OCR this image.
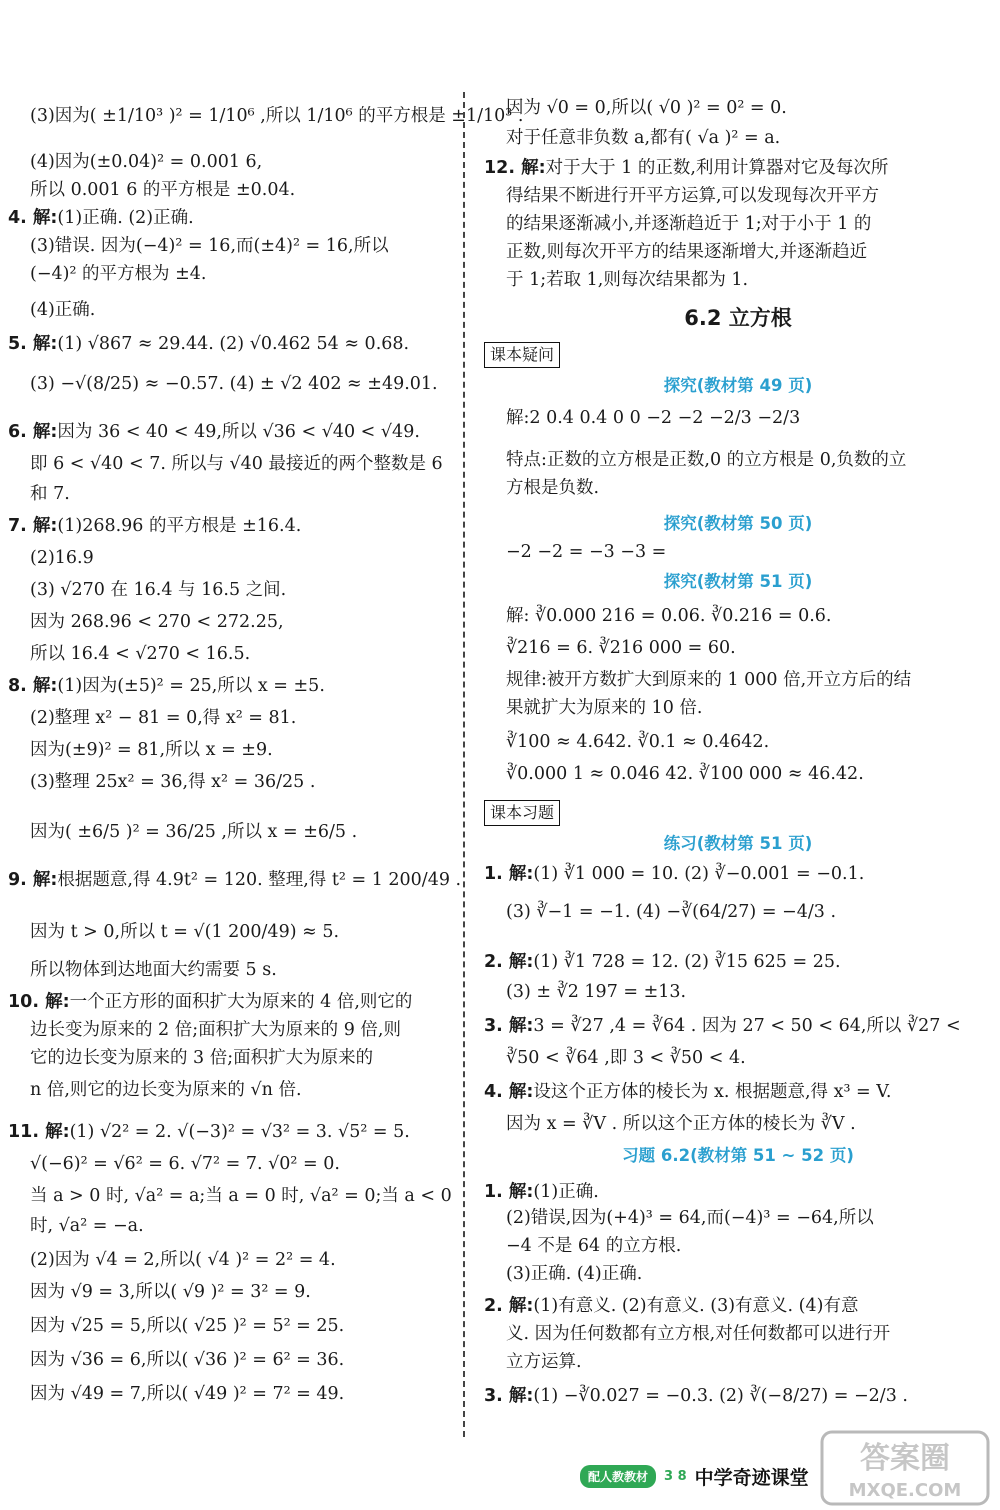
(3)因为( ±1/10³ )² = 1/10⁶ ,所以 1/10⁶ 的平方根是 ±1/10³ .
(4)因为(±0.04)² = 0.001 6,
所以 0.001 6 的平方根是 ±0.04.
4. 解:(1)正确. (2)正确.
(3)错误. 因为(−4)² = 16,而(±4)² = 16,所以
(−4)² 的平方根为 ±4.
(4)正确.
5. 解:(1) √867 ≈ 29.44. (2) √0.462 54 ≈ 0.68.
(3) −√(8/25) ≈ −0.57. (4) ± √2 402 ≈ ±49.01.
6. 解:因为 36 < 40 < 49,所以 √36 < √40 < √49.
即 6 < √40 < 7. 所以与 √40 最接近的两个整数是 6
和 7.
7. 解:(1)268.96 的平方根是 ±16.4.
(2)16.9
(3) √270 在 16.4 与 16.5 之间.
因为 268.96 < 270 < 272.25,
所以 16.4 < √270 < 16.5.
8. 解:(1)因为(±5)² = 25,所以 x = ±5.
(2)整理 x² − 81 = 0,得 x² = 81.
因为(±9)² = 81,所以 x = ±9.
(3)整理 25x² = 36,得 x² = 36/25 .
因为( ±6/5 )² = 36/25 ,所以 x = ±6/5 .
9. 解:根据题意,得 4.9t² = 120. 整理,得 t² = 1 200/49 .
因为 t > 0,所以 t = √(1 200/49) ≈ 5.
所以物体到达地面大约需要 5 s.
10. 解:一个正方形的面积扩大为原来的 4 倍,则它的
边长变为原来的 2 倍;面积扩大为原来的 9 倍,则
它的边长变为原来的 3 倍;面积扩大为原来的
n 倍,则它的边长变为原来的 √n 倍.
11. 解:(1) √2² = 2. √(−3)² = √3² = 3. √5² = 5.
√(−6)² = √6² = 6. √7² = 7. √0² = 0.
当 a > 0 时, √a² = a;当 a = 0 时, √a² = 0;当 a < 0
时, √a² = −a.
(2)因为 √4 = 2,所以( √4 )² = 2² = 4.
因为 √9 = 3,所以( √9 )² = 3² = 9.
因为 √25 = 5,所以( √25 )² = 5² = 25.
因为 √36 = 6,所以( √36 )² = 6² = 36.
因为 √49 = 7,所以( √49 )² = 7² = 49.
因为 √0 = 0,所以( √0 )² = 0² = 0.
对于任意非负数 a,都有( √a )² = a.
12. 解:对于大于 1 的正数,利用计算器对它及每次所
得结果不断进行开平方运算,可以发现每次开平方
的结果逐渐减小,并逐渐趋近于 1;对于小于 1 的
正数,则每次开平方的结果逐渐增大,并逐渐趋近
于 1;若取 1,则每次结果都为 1.
6.2 立方根
课本疑问
探究(教材第 49 页)
解:2 0.4 0.4 0 0 −2 −2 −2/3 −2/3
特点:正数的立方根是正数,0 的立方根是 0,负数的立
方根是负数.
探究(教材第 50 页)
−2 −2 = −3 −3 =
探究(教材第 51 页)
解: ∛0.000 216 = 0.06. ∛0.216 = 0.6.
∛216 = 6. ∛216 000 = 60.
规律:被开方数扩大到原来的 1 000 倍,开立方后的结
果就扩大为原来的 10 倍.
∛100 ≈ 4.642. ∛0.1 ≈ 0.4642.
∛0.000 1 ≈ 0.046 42. ∛100 000 ≈ 46.42.
课本习题
练习(教材第 51 页)
1. 解:(1) ∛1 000 = 10. (2) ∛−0.001 = −0.1.
(3) ∛−1 = −1. (4) −∛(64/27) = −4/3 .
2. 解:(1) ∛1 728 = 12. (2) ∛15 625 = 25.
(3) ± ∛2 197 = ±13.
3. 解:3 = ∛27 ,4 = ∛64 . 因为 27 < 50 < 64,所以 ∛27 <
∛50 < ∛64 ,即 3 < ∛50 < 4.
4. 解:设这个正方体的棱长为 x. 根据题意,得 x³ = V.
因为 x = ∛V . 所以这个正方体的棱长为 ∛V .
习题 6.2(教材第 51 ~ 52 页)
1. 解:(1)正确.
(2)错误,因为(+4)³ = 64,而(−4)³ = −64,所以
−4 不是 64 的立方根.
(3)正确. (4)正确.
2. 解:(1)有意义. (2)有意义. (3)有意义. (4)有意
义. 因为任何数都有立方根,对任何数都可以进行开
立方运算.
3. 解:(1) −∛0.027 = −0.3. (2) ∛(−8/27) = −2/3 .
配人教教材	3 8 中学奇迹课堂
答案圈
MXQE.COM
